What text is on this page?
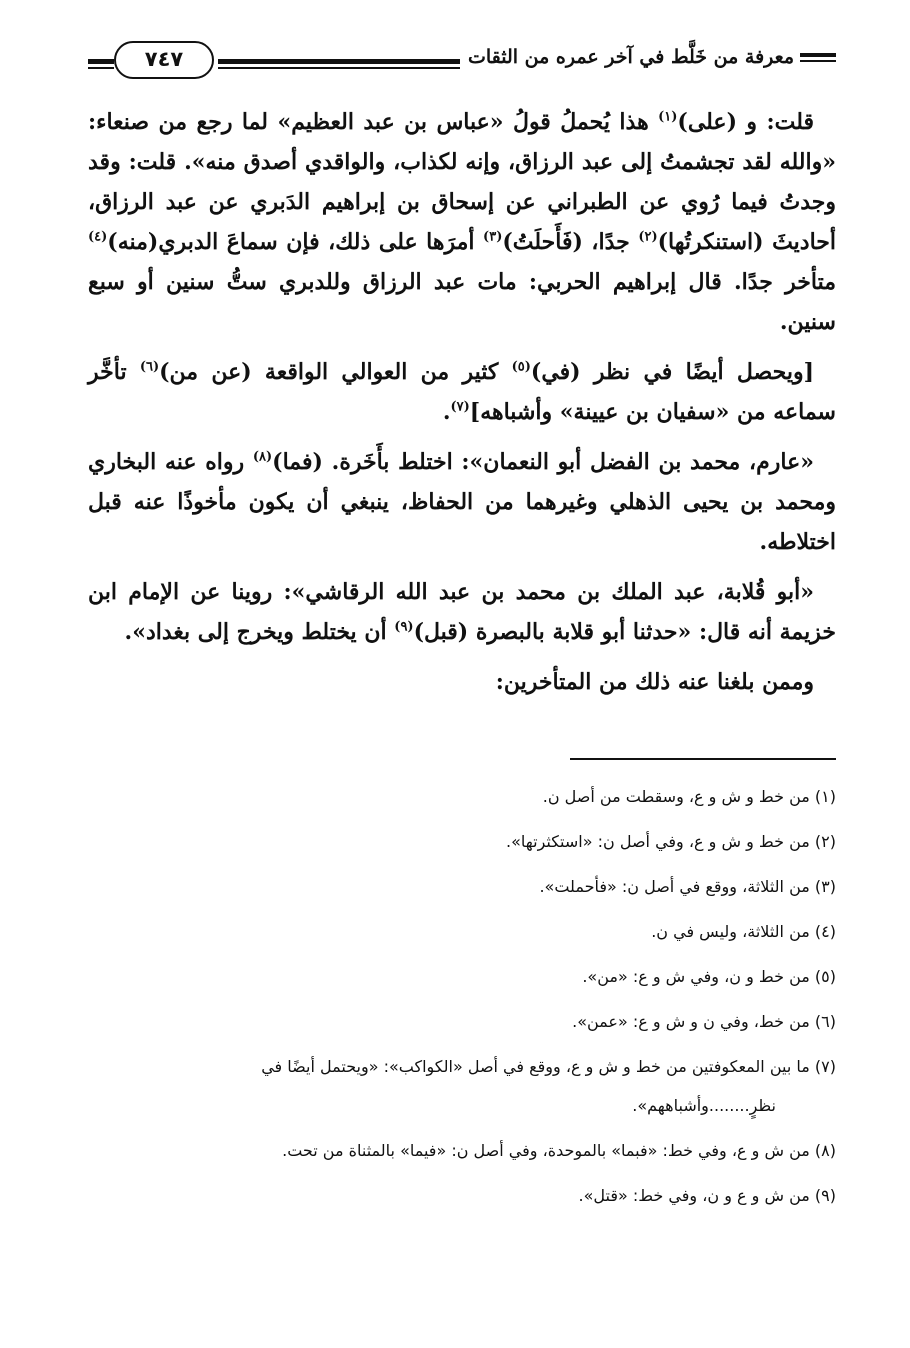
معرفة من خَلَّط في آخر عمره من الثقات
٧٤٧

قلت: و (على)$^{(١)}$ هذا يُحملُ قولُ «عباس بن عبد العظيم» لما رجع من صنعاء: «والله لقد تجشمتُ إلى عبد الرزاق، وإنه لكذاب، والواقدي أصدق منه». قلت: وقد وجدتُ فيما رُوي عن الطبراني عن إسحاق بن إبراهيم الدَبري عن عبد الرزاق، أحاديثَ (استنكرتُها)$^{(٢)}$ جدًا، (فَأَحلَتُ)$^{(٣)}$ أمرَها على ذلك، فإن سماعَ الدبري(منه)$^{(٤)}$ متأخر جدًا. قال إبراهيم الحربي: مات عبد الرزاق وللدبري ستُّ سنين أو سبع سنين.

[ويحصل أيضًا في نظر (في)$^{(٥)}$ كثير من العوالي الواقعة (عن من)$^{(٦)}$ تأخَّر سماعه من «سفيان بن عيينة» وأشباهه]$^{(٧)}$.

«عارم، محمد بن الفضل أبو النعمان»: اختلط بأَخَرة. (فما)$^{(٨)}$ رواه عنه البخاري ومحمد بن يحيى الذهلي وغيرهما من الحفاظ، ينبغي أن يكون مأخوذًا عنه قبل اختلاطه.

«أبو قُلابة، عبد الملك بن محمد بن عبد الله الرقاشي»: روينا عن الإمام ابن خزيمة أنه قال: «حدثنا أبو قلابة بالبصرة (قبل)$^{(٩)}$ أن يختلط ويخرج إلى بغداد».

وممن بلغنا عنه ذلك من المتأخرين:

(١) من خط و ش و ع، وسقطت من أصل ن.
(٢) من خط و ش و ع، وفي أصل ن: «استكثرتها».
(٣) من الثلاثة، ووقع في أصل ن: «فأحملت».
(٤) من الثلاثة، وليس في ن.
(٥) من خط و ن، وفي ش و ع: «من».
(٦) من خط، وفي ن و ش و ع: «عمن».
(٧) ما بين المعكوفتين من خط و ش و ع، ووقع في أصل «الكواكب»: «ويحتمل أيضًا في
نظرٍ........وأشباههم».
(٨) من ش و ع، وفي خط: «فبما» بالموحدة، وفي أصل ن: «فيما» بالمثناة من تحت.
(٩) من ش و ع و ن، وفي خط: «قتل».
